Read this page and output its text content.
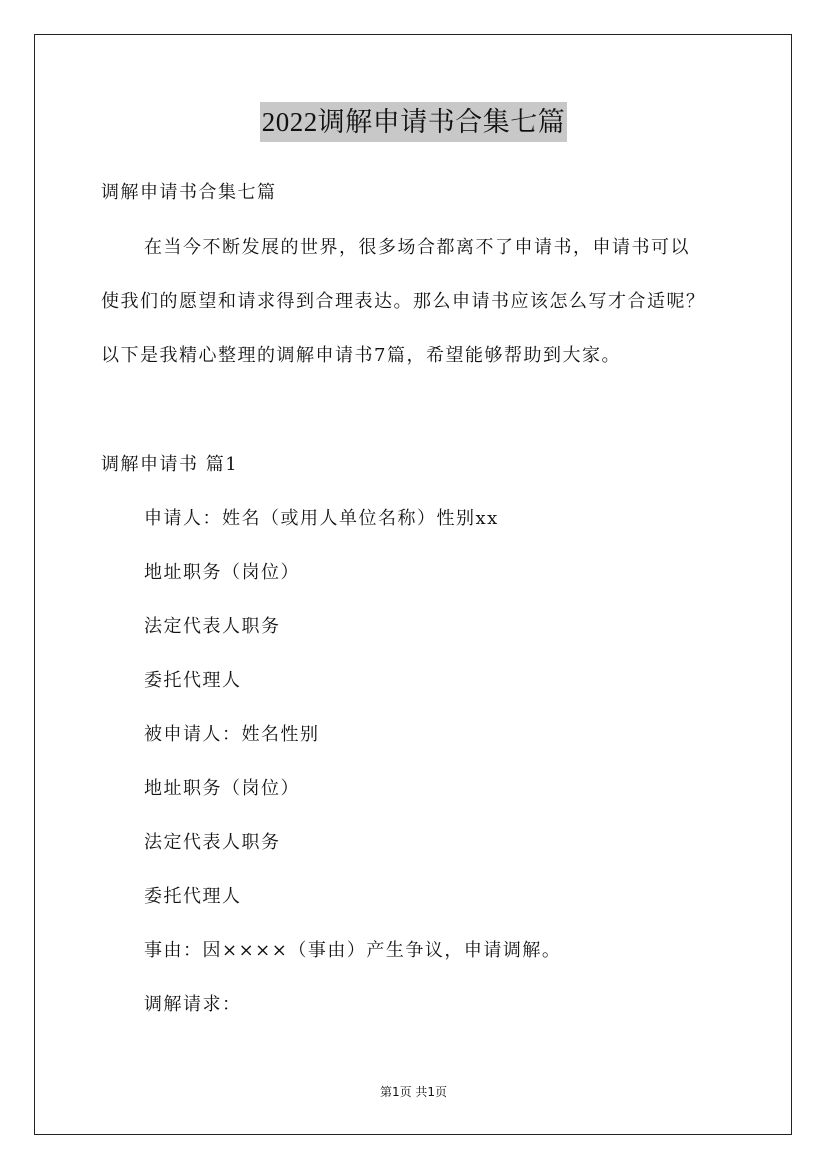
2022调解申请书合集七篇
调解申请书合集七篇
在当今不断发展的世界，很多场合都离不了申请书，申请书可以
使我们的愿望和请求得到合理表达。那么申请书应该怎么写才合适呢？
以下是我精心整理的调解申请书7篇，希望能够帮助到大家。
调解申请书 篇1
申请人：姓名（或用人单位名称）性别xx
地址职务（岗位）
法定代表人职务
委托代理人
被申请人：姓名性别
地址职务（岗位）
法定代表人职务
委托代理人
事由：因××××（事由）产生争议，申请调解。
调解请求：
第1页 共1页
